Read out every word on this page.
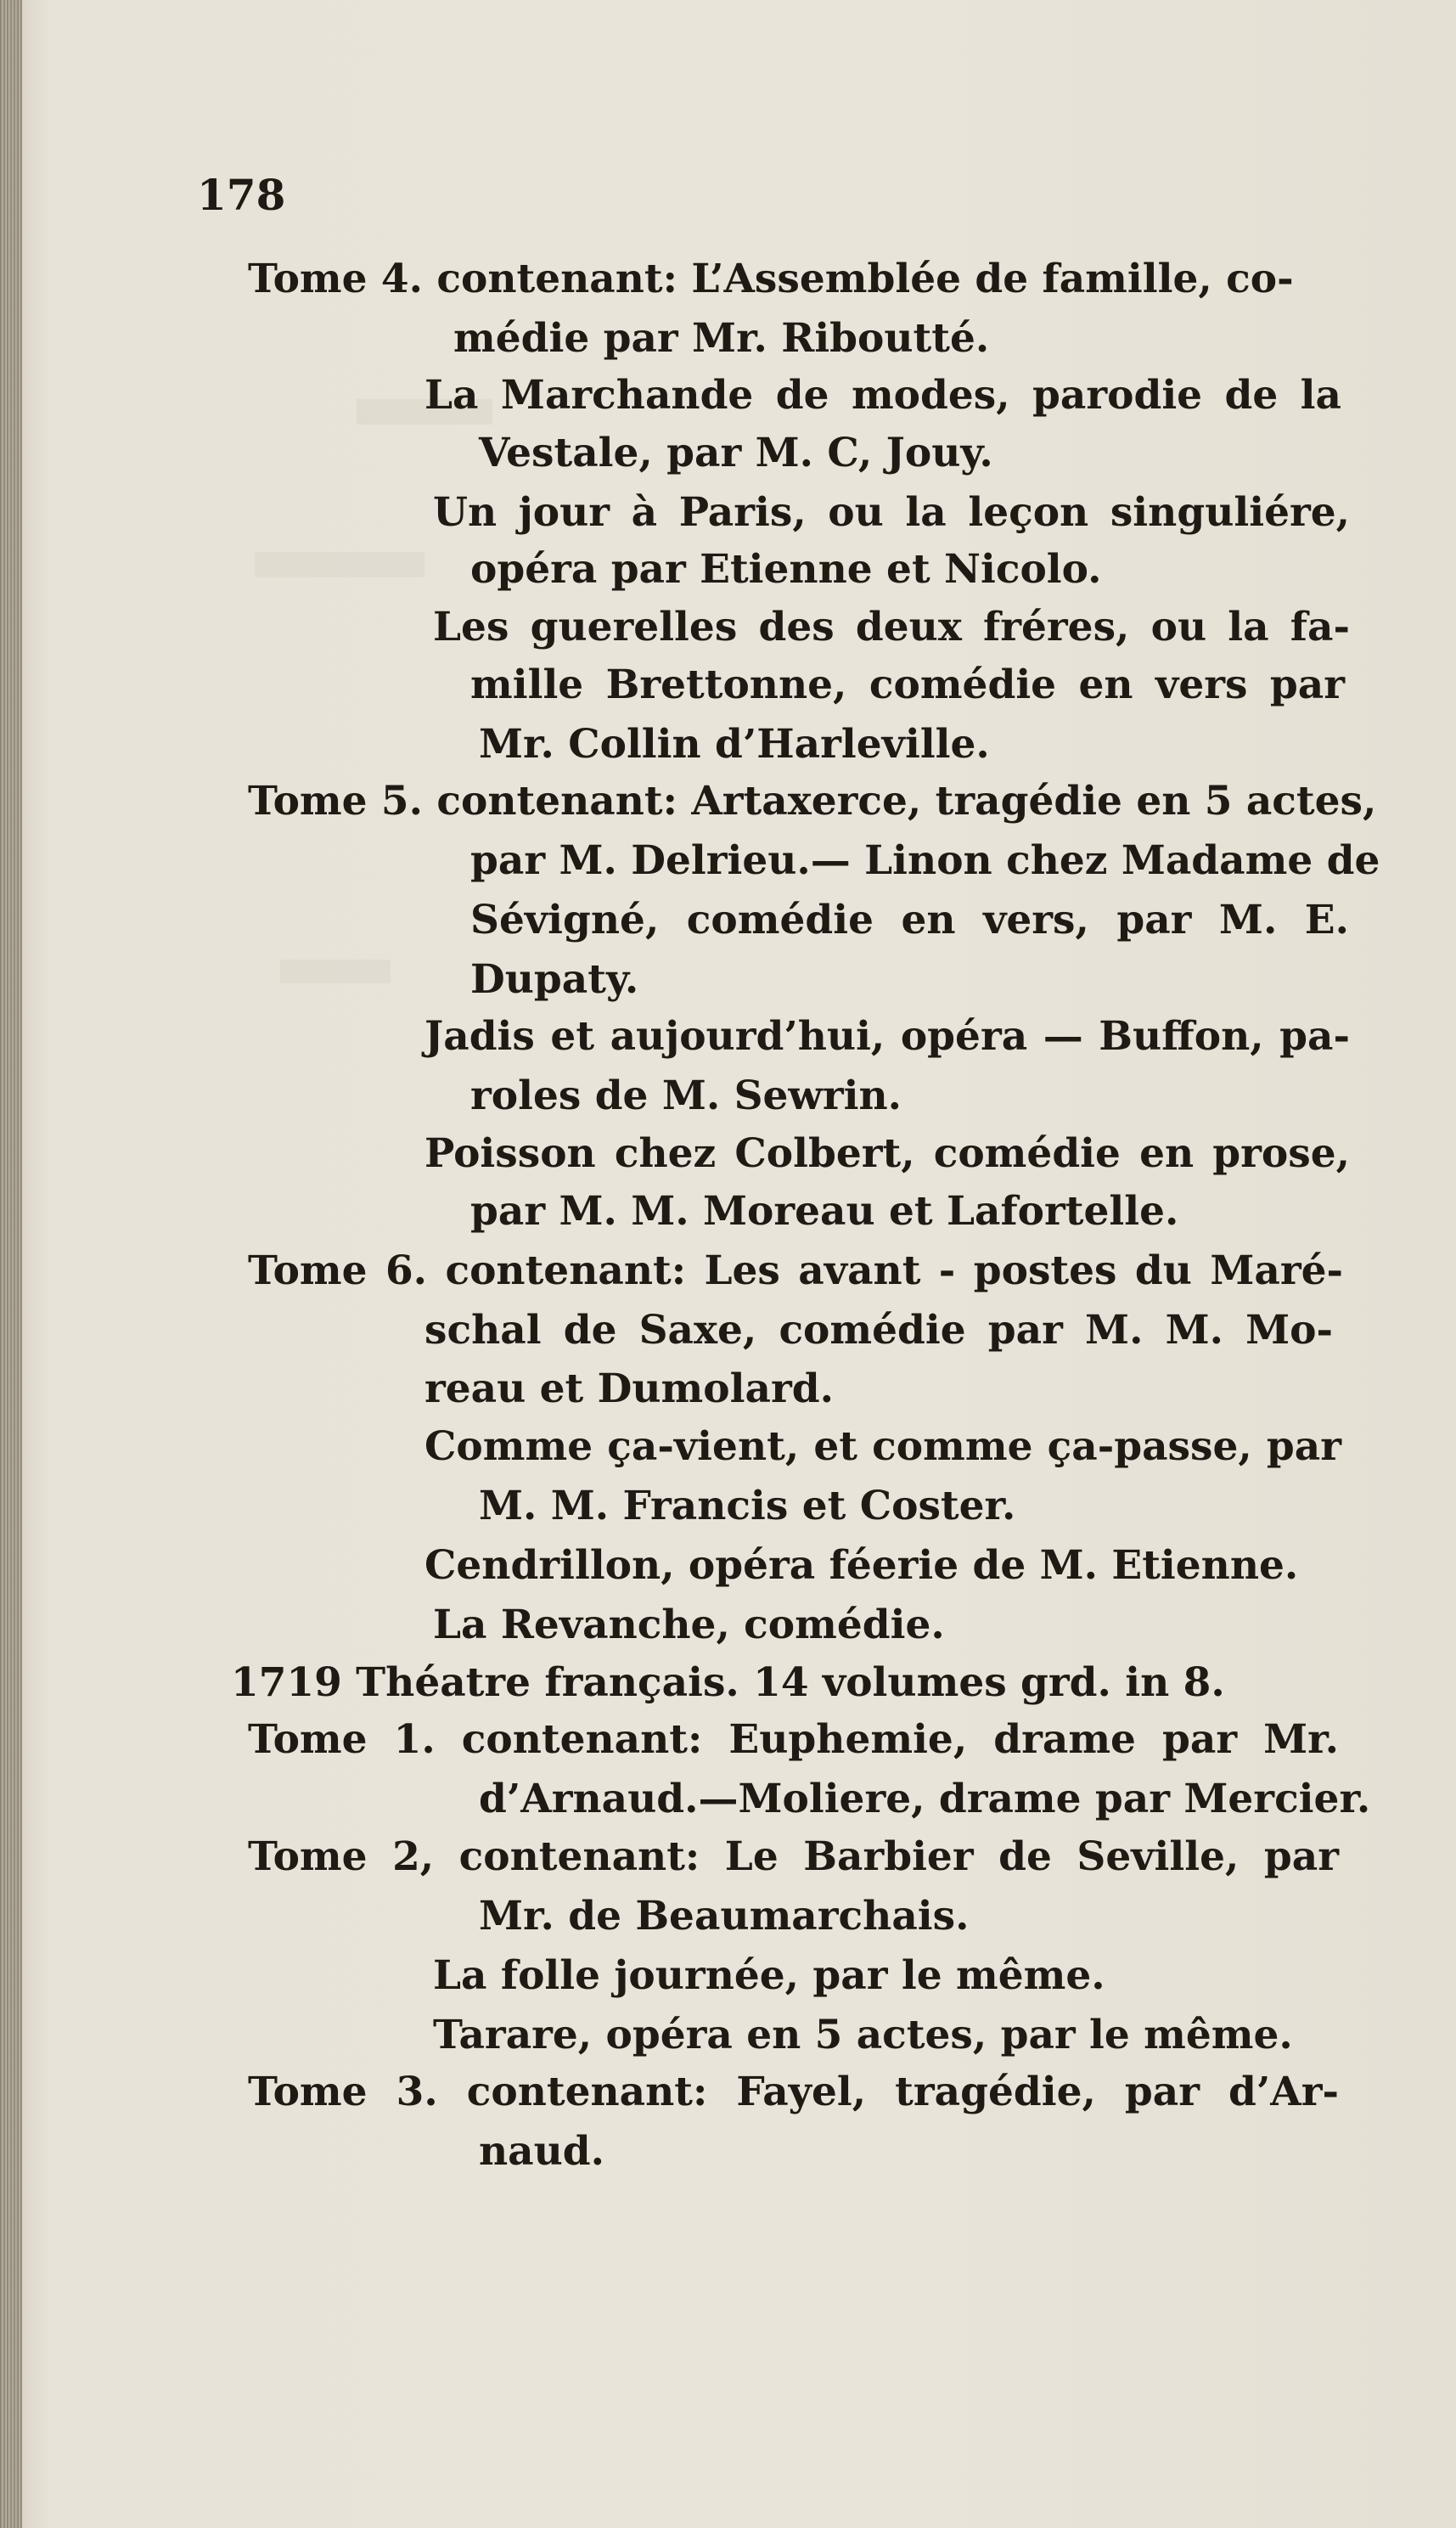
178
Tome 4. contenant: L’Assemblée de famille, co-
médie par Mr. Riboutté.
La Marchande de modes, parodie de la
Vestale, par M. C, Jouy.
Un jour à Paris, ou la leçon singuliére,
opéra par Etienne et Nicolo.
Les guerelles des deux fréres, ou la fa-
mille Brettonne, comédie en vers par
Mr. Collin d’Harleville.
Tome 5. contenant: Artaxerce, tragédie en 5 actes,
par M. Delrieu.— Linon chez Madame de
Sévigné, comédie en vers, par M. E.
Dupaty.
Jadis et aujourd’hui, opéra — Buffon, pa-
roles de M. Sewrin.
Poisson chez Colbert, comédie en prose,
par M. M. Moreau et Lafortelle.
Tome 6. contenant: Les avant - postes du Maré-
schal de Saxe, comédie par M. M. Mo-
reau et Dumolard.
Comme ça-vient, et comme ça-passe, par
M. M. Francis et Coster.
Cendrillon, opéra féerie de M. Etienne.
La Revanche, comédie.
1719 Théatre français. 14 volumes grd. in 8.
Tome 1. contenant: Euphemie, drame par Mr.
d’Arnaud.—Moliere, drame par Mercier.
Tome 2, contenant: Le Barbier de Seville, par
Mr. de Beaumarchais.
La folle journée, par le même.
Tarare, opéra en 5 actes, par le même.
Tome 3. contenant: Fayel, tragédie, par d’Ar-
naud.
